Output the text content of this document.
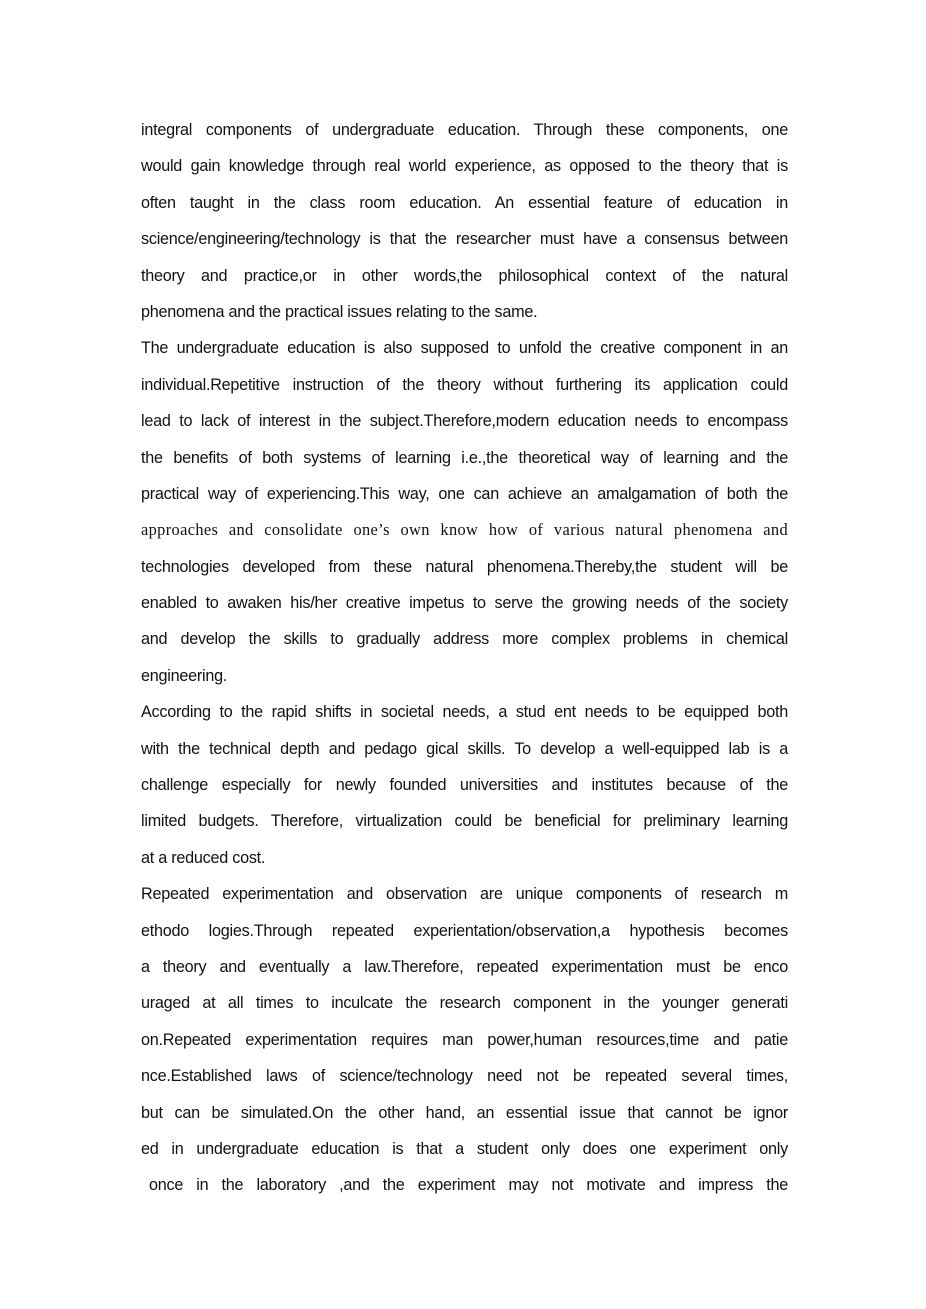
integral components of undergraduate education. Through these components, one
would gain knowledge through real world experience, as opposed to the theory that is
often taught in the class room education. An essential feature of education in
science/engineering/technology is that the researcher must have a consensus between
theory and practice,or in other words,the philosophical context of the natural
phenomena and the practical issues relating to the same.
The undergraduate education is also supposed to unfold the creative component in an
individual.Repetitive instruction of the theory without furthering its application could
lead to lack of interest in the subject.Therefore,modern education needs to encompass
the benefits of both systems of learning i.e.,the theoretical way of learning and the
practical way of experiencing.This way, one can achieve an amalgamation of both the
approaches and consolidate one’s own know how of various natural phenomena and
technologies developed from these natural phenomena.Thereby,the student will be
enabled to awaken his/her creative impetus to serve the growing needs of the society
and develop the skills to gradually address more complex problems in chemical
engineering.
According to the rapid shifts in societal needs, a stud ent needs to be equipped both
with the technical depth and pedago gical skills. To develop a well-equipped lab is a
challenge especially for newly founded universities and institutes because of the
limited budgets. Therefore, virtualization could be beneficial for preliminary learning
at a reduced cost.
Repeated experimentation and observation are unique components of research m
ethodo logies.Through repeated experientation/observation,a hypothesis becomes
a theory and eventually a law.Therefore, repeated experimentation must be enco
uraged at all times to inculcate the research component in the younger generati
on.Repeated experimentation requires man power,human resources,time and patie
nce.Established laws of science/technology need not be repeated several times,
but can be simulated.On the other hand, an essential issue that cannot be ignor
ed in undergraduate education is that a student only does one experiment only
once in the laboratory ,and the experiment may not motivate and impress the
